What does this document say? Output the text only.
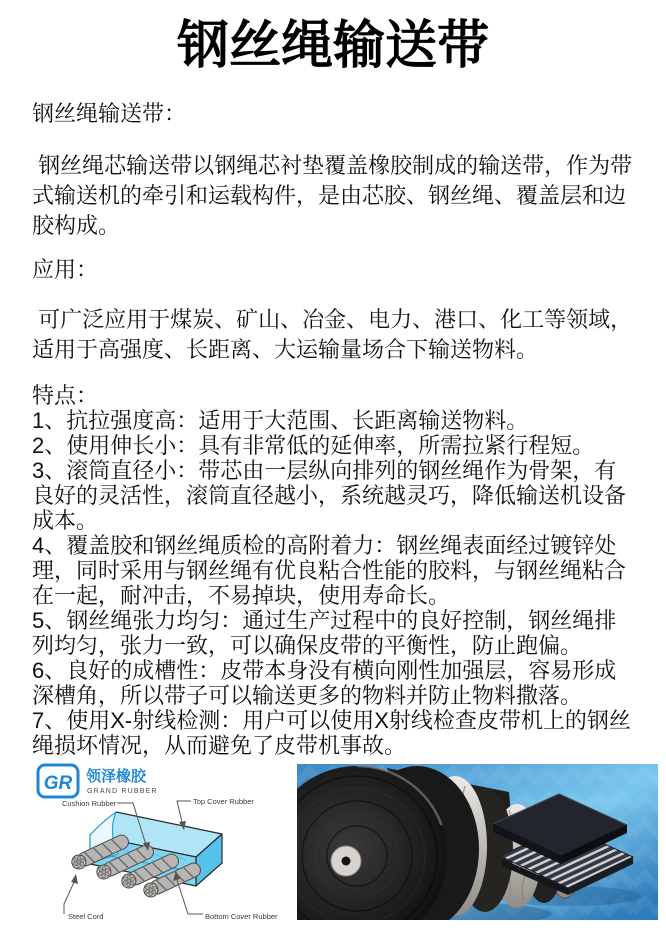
钢丝绳输送带
钢丝绳输送带：
钢丝绳芯输送带以钢绳芯衬垫覆盖橡胶制成的输送带，作为带式输送机的牵引和运载构件，是由芯胶、钢丝绳、覆盖层和边胶构成。
应用：
可广泛应用于煤炭、矿山、冶金、电力、港口、化工等领域，适用于高强度、长距离、大运输量场合下输送物料。
特点：
1、抗拉强度高：适用于大范围、长距离输送物料。
2、使用伸长小：具有非常低的延伸率，所需拉紧行程短。
3、滚筒直径小：带芯由一层纵向排列的钢丝绳作为骨架，有良好的灵活性，滚筒直径越小，系统越灵巧，降低输送机设备成本。
4、覆盖胶和钢丝绳质检的高附着力：钢丝绳表面经过镀锌处理，同时采用与钢丝绳有优良粘合性能的胶料，与钢丝绳粘合在一起，耐冲击，不易掉块，使用寿命长。
5、钢丝绳张力均匀：通过生产过程中的良好控制，钢丝绳排列均匀，张力一致，可以确保皮带的平衡性，防止跑偏。
6、良好的成槽性：皮带本身没有横向刚性加强层，容易形成深槽角，所以带子可以输送更多的物料并防止物料撒落。
7、使用X-射线检测：用户可以使用X射线检查皮带机上的钢丝绳损坏情况，从而避免了皮带机事故。
GR 领泽橡胶
GRAND RUBBER
Cushion Rubber	Top Cover Rubber
Steel Cord	Bottom Cover Rubber
